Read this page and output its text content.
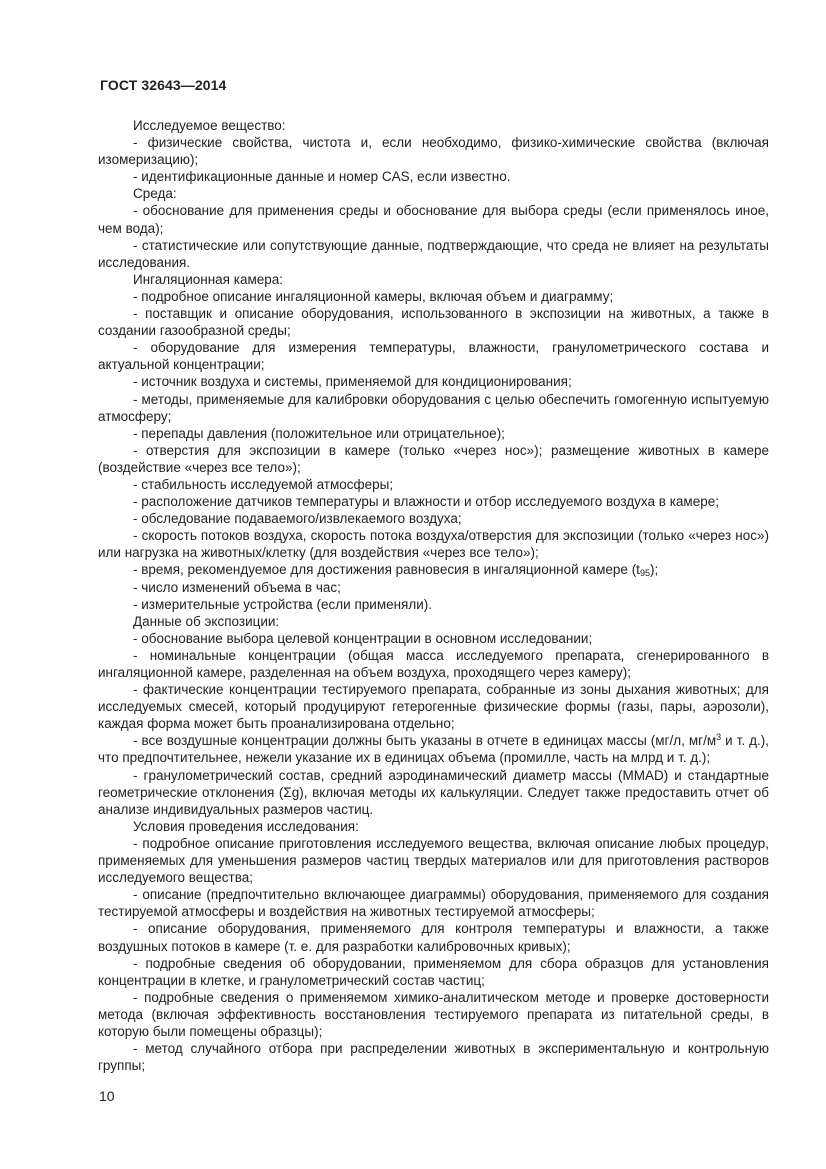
ГОСТ 32643—2014

Исследуемое вещество:

- физические свойства, чистота и, если необходимо, физико-химические свойства (включая изомеризацию);

- идентификационные данные и номер CAS, если известно.

Среда:

- обоснование для применения среды и обоснование для выбора среды (если применялось иное, чем вода);

- статистические или сопутствующие данные, подтверждающие, что среда не влияет на результаты исследования.

Ингаляционная камера:

- подробное описание ингаляционной камеры, включая объем и диаграмму;

- поставщик и описание оборудования, использованного в экспозиции на животных, а также в создании газообразной среды;

- оборудование для измерения температуры, влажности, гранулометрического состава и актуальной концентрации;

- источник воздуха и системы, применяемой для кондиционирования;

- методы, применяемые для калибровки оборудования с целью обеспечить гомогенную испытуемую атмосферу;

- перепады давления (положительное или отрицательное);

- отверстия для экспозиции в камере (только «через нос»); размещение животных в камере (воздействие «через все тело»);

- стабильность исследуемой атмосферы;

- расположение датчиков температуры и влажности и отбор исследуемого воздуха в камере;

- обследование подаваемого/извлекаемого воздуха;

- скорость потоков воздуха, скорость потока воздуха/отверстия для экспозиции (только «через нос») или нагрузка на животных/клетку (для воздействия «через все тело»);

- время, рекомендуемое для достижения равновесия в ингаляционной камере $(t_{95})$;

- число изменений объема в час;

- измерительные устройства (если применяли).

Данные об экспозиции:

- обоснование выбора целевой концентрации в основном исследовании;

- номинальные концентрации (общая масса исследуемого препарата, сгенерированного в ингаляционной камере, разделенная на объем воздуха, проходящего через камеру);

- фактические концентрации тестируемого препарата, собранные из зоны дыхания животных; для исследуемых смесей, который продуцируют гетерогенные физические формы (газы, пары, аэрозоли), каждая форма может быть проанализирована отдельно;

- все воздушные концентрации должны быть указаны в отчете в единицах массы (мг/л, $мг/м^3$ и т. д.), что предпочтительнее, нежели указание их в единицах объема (промилле, часть на млрд и т. д.);

- гранулометрический состав, средний аэродинамический диаметр массы (MMAD) и стандартные геометрические отклонения (Σg), включая методы их калькуляции. Следует также предоставить отчет об анализе индивидуальных размеров частиц.

Условия проведения исследования:

- подробное описание приготовления исследуемого вещества, включая описание любых процедур, применяемых для уменьшения размеров частиц твердых материалов или для приготовления растворов исследуемого вещества;

- описание (предпочтительно включающее диаграммы) оборудования, применяемого для создания тестируемой атмосферы и воздействия на животных тестируемой атмосферы;

- описание оборудования, применяемого для контроля температуры и влажности, а также воздушных потоков в камере (т. е. для разработки калибровочных кривых);

- подробные сведения об оборудовании, применяемом для сбора образцов для установления концентрации в клетке, и гранулометрический состав частиц;

- подробные сведения о применяемом химико-аналитическом методе и проверке достоверности метода (включая эффективность восстановления тестируемого препарата из питательной среды, в которую были помещены образцы);

- метод случайного отбора при распределении животных в экспериментальную и контрольную группы;

10
